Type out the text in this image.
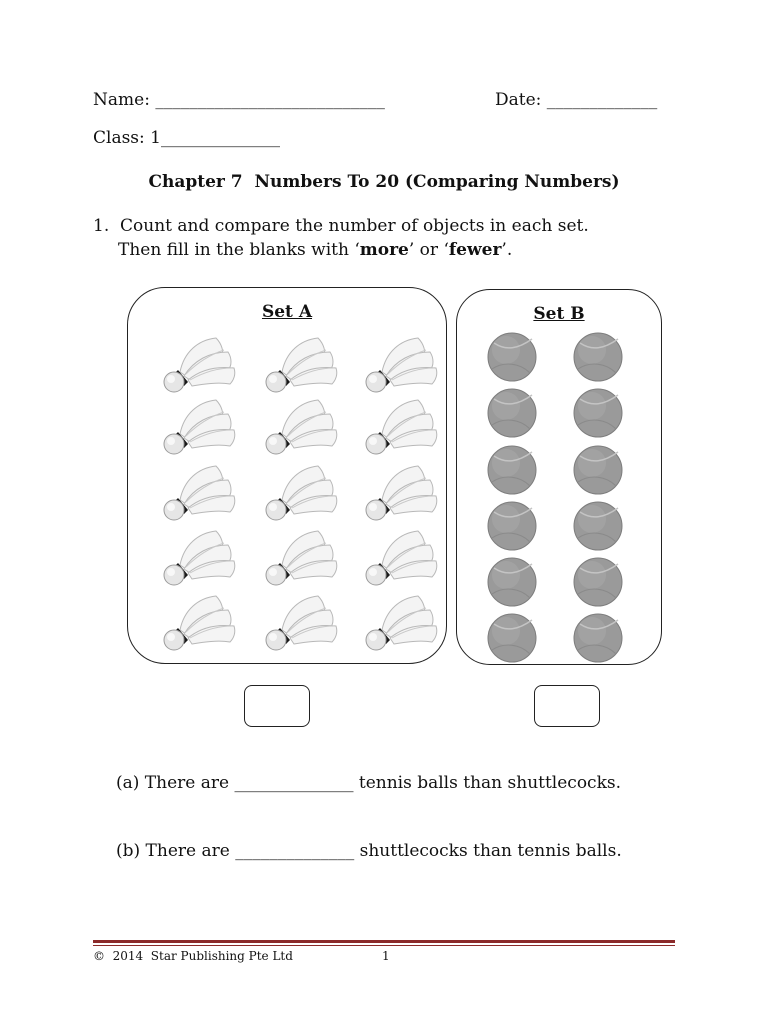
Name: ___________________________	Date: _____________
Class: 1______________
Chapter 7  Numbers To 20 (Comparing Numbers)
1. Count and compare the number of objects in each set.
Then fill in the blanks with ‘more’ or ‘fewer’.
Set A	Set B
(a) There are ______________ tennis balls than shuttlecocks.
(b) There are ______________ shuttlecocks than tennis balls.
©  2014  Star Publishing Pte Ltd	1
